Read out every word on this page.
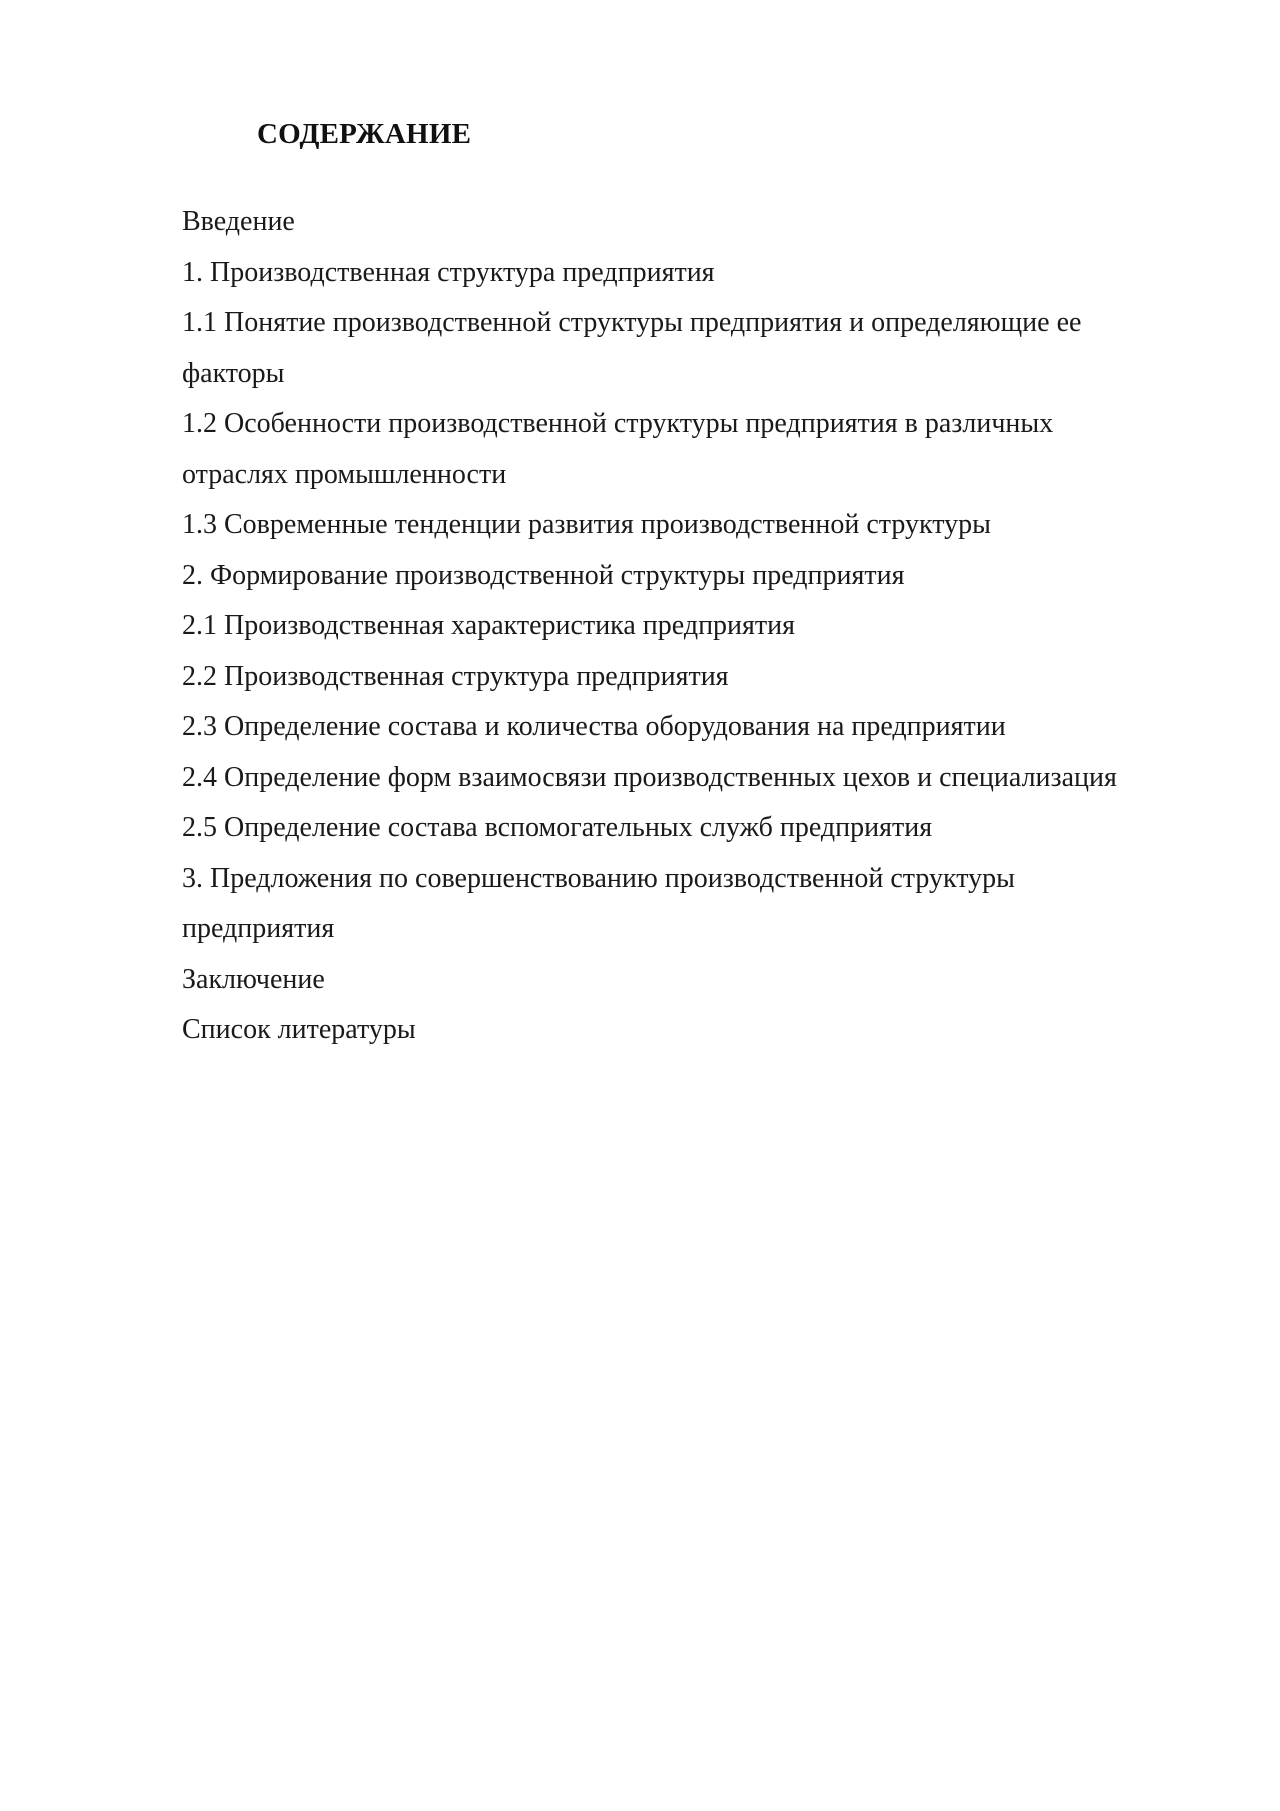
СОДЕРЖАНИЕ
Введение
1. Производственная структура предприятия
1.1 Понятие производственной структуры предприятия и определяющие ее
факторы
1.2 Особенности производственной структуры предприятия в различных
отраслях промышленности
1.3 Современные тенденции развития производственной структуры
2. Формирование производственной структуры предприятия
2.1 Производственная характеристика предприятия
2.2 Производственная структура предприятия
2.3 Определение состава и количества оборудования на предприятии
2.4 Определение форм взаимосвязи производственных цехов и специализация
2.5 Определение состава вспомогательных служб предприятия
3. Предложения по совершенствованию производственной структуры
предприятия
Заключение
Список литературы
